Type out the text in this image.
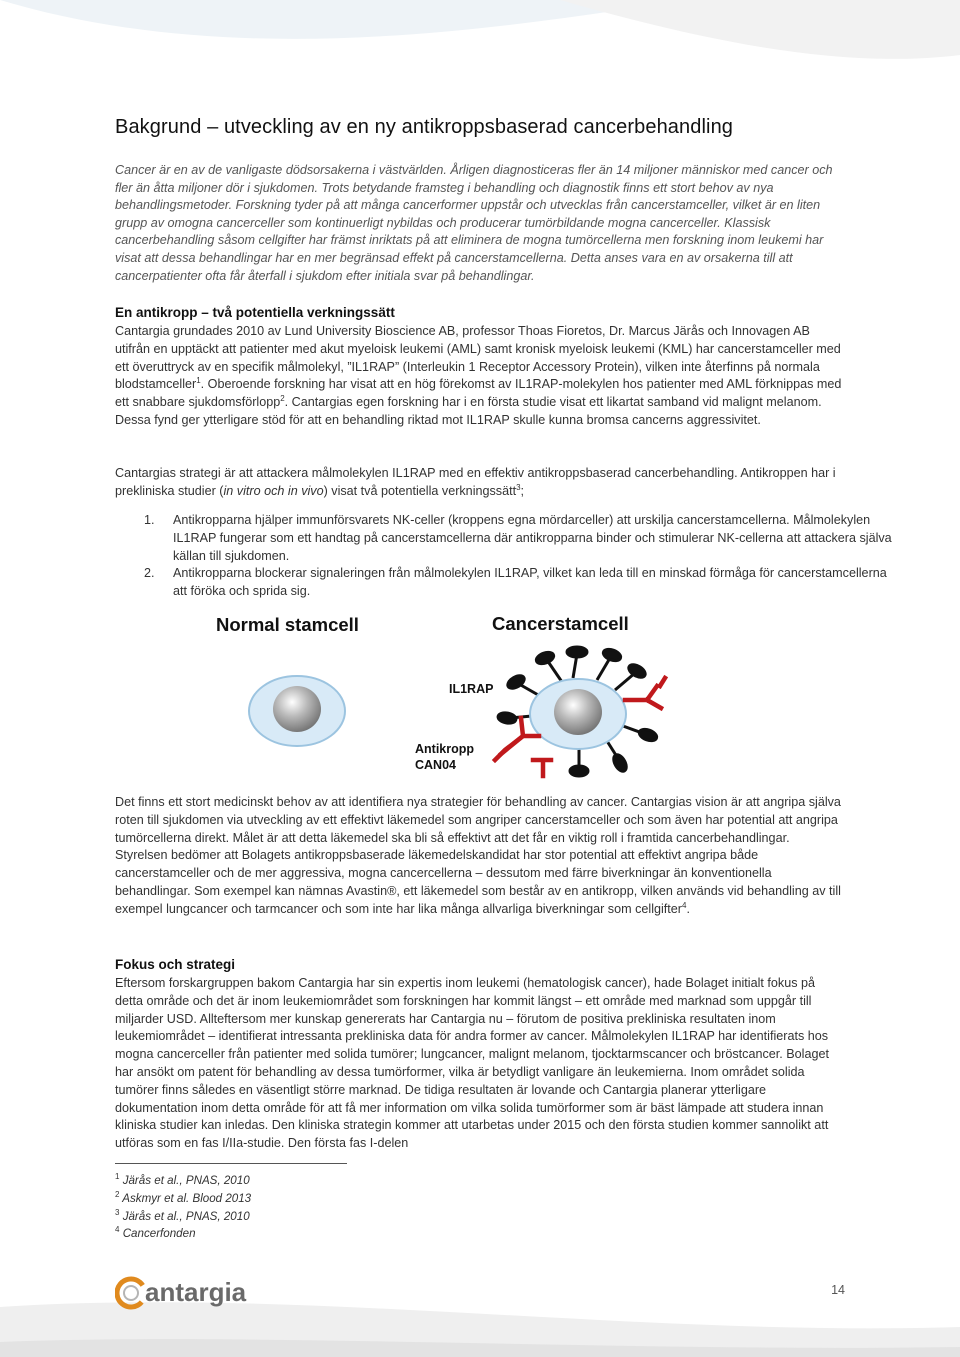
Bakgrund – utveckling av en ny antikroppsbaserad cancerbehandling

Cancer är en av de vanligaste dödsorsakerna i västvärlden. Årligen diagnosticeras fler än 14 miljoner människor med cancer och fler än åtta miljoner dör i sjukdomen. Trots betydande framsteg i behandling och diagnostik finns ett stort behov av nya behandlingsmetoder. Forskning tyder på att många cancerformer uppstår och utvecklas från cancerstamceller, vilket är en liten grupp av omogna cancerceller som kontinuerligt nybildas och producerar tumörbildande mogna cancerceller. Klassisk cancerbehandling såsom cellgifter har främst inriktats på att eliminera de mogna tumörcellerna men forskning inom leukemi har visat att dessa behandlingar har en mer begränsad effekt på cancerstamcellerna. Detta anses vara en av orsakerna till att cancerpatienter ofta får återfall i sjukdom efter initiala svar på behandlingar.

En antikropp – två potentiella verkningssätt

Cantargia grundades 2010 av Lund University Bioscience AB, professor Thoas Fioretos, Dr. Marcus Järås och Innovagen AB utifrån en upptäckt att patienter med akut myeloisk leukemi (AML) samt kronisk myeloisk leukemi (KML) har cancerstamceller med ett överuttryck av en specifik målmolekyl, ”IL1RAP” (Interleukin 1 Receptor Accessory Protein), vilken inte återfinns på normala blodstamceller$^1$. Oberoende forskning har visat att en hög förekomst av IL1RAP-molekylen hos patienter med AML förknippas med ett snabbare sjukdomsförlopp$^2$. Cantargias egen forskning har i en första studie visat ett likartat samband vid malignt melanom. Dessa fynd ger ytterligare stöd för att en behandling riktad mot IL1RAP skulle kunna bromsa cancerns aggressivitet.

Cantargias strategi är att attackera målmolekylen IL1RAP med en effektiv antikroppsbaserad cancerbehandling. Antikroppen har i prekliniska studier (in vitro och in vivo) visat två potentiella verkningssätt$^3$;

1. Antikropparna hjälper immunförsvarets NK-celler (kroppens egna mördarceller) att urskilja cancerstamcellerna. Målmolekylen IL1RAP fungerar som ett handtag på cancerstamcellerna där antikropparna binder och stimulerar NK-cellerna att attackera själva källan till sjukdomen.
2. Antikropparna blockerar signaleringen från målmolekylen IL1RAP, vilket kan leda till en minskad förmåga för cancerstamcellerna att föröka och sprida sig.
Normal stamcell	Cancerstamcell
IL1RAP
Antikropp
CAN04

Det finns ett stort medicinskt behov av att identifiera nya strategier för behandling av cancer. Cantargias vision är att angripa själva roten till sjukdomen via utveckling av ett effektivt läkemedel som angriper cancerstamceller och som även har potential att angripa tumörcellerna direkt. Målet är att detta läkemedel ska bli så effektivt att det får en viktig roll i framtida cancerbehandlingar. Styrelsen bedömer att Bolagets antikroppsbaserade läkemedelskandidat har stor potential att effektivt angripa både cancerstamceller och de mer aggressiva, mogna cancercellerna – dessutom med färre biverkningar än konventionella behandlingar. Som exempel kan nämnas Avastin®, ett läkemedel som består av en antikropp, vilken används vid behandling av till exempel lungcancer och tarmcancer och som inte har lika många allvarliga biverkningar som cellgifter$^4$.

Fokus och strategi

Eftersom forskargruppen bakom Cantargia har sin expertis inom leukemi (hematologisk cancer), hade Bolaget initialt fokus på detta område och det är inom leukemiområdet som forskningen har kommit längst – ett område med marknad som uppgår till miljarder USD. Allteftersom mer kunskap genererats har Cantargia nu – förutom de positiva prekliniska resultaten inom leukemiområdet – identifierat intressanta prekliniska data för andra former av cancer. Målmolekylen IL1RAP har identifierats hos mogna cancerceller från patienter med solida tumörer; lungcancer, malignt melanom, tjocktarmscancer och bröstcancer. Bolaget har ansökt om patent för behandling av dessa tumörformer, vilka är betydligt vanligare än leukemierna. Inom området solida tumörer finns således en väsentligt större marknad. De tidiga resultaten är lovande och Cantargia planerar ytterligare dokumentation inom detta område för att få mer information om vilka solida tumörformer som är bäst lämpade att studera innan kliniska studier kan inledas. Den kliniska strategin kommer att utarbetas under 2015 och den första studien kommer sannolikt att utföras som en fas I/IIa-studie. Den första fas I-delen

$^1$ Järås et al., PNAS, 2010
$^2$ Askmyr et al. Blood 2013
$^3$ Järås et al., PNAS, 2010
$^4$ Cancerfonden
antargia	14
